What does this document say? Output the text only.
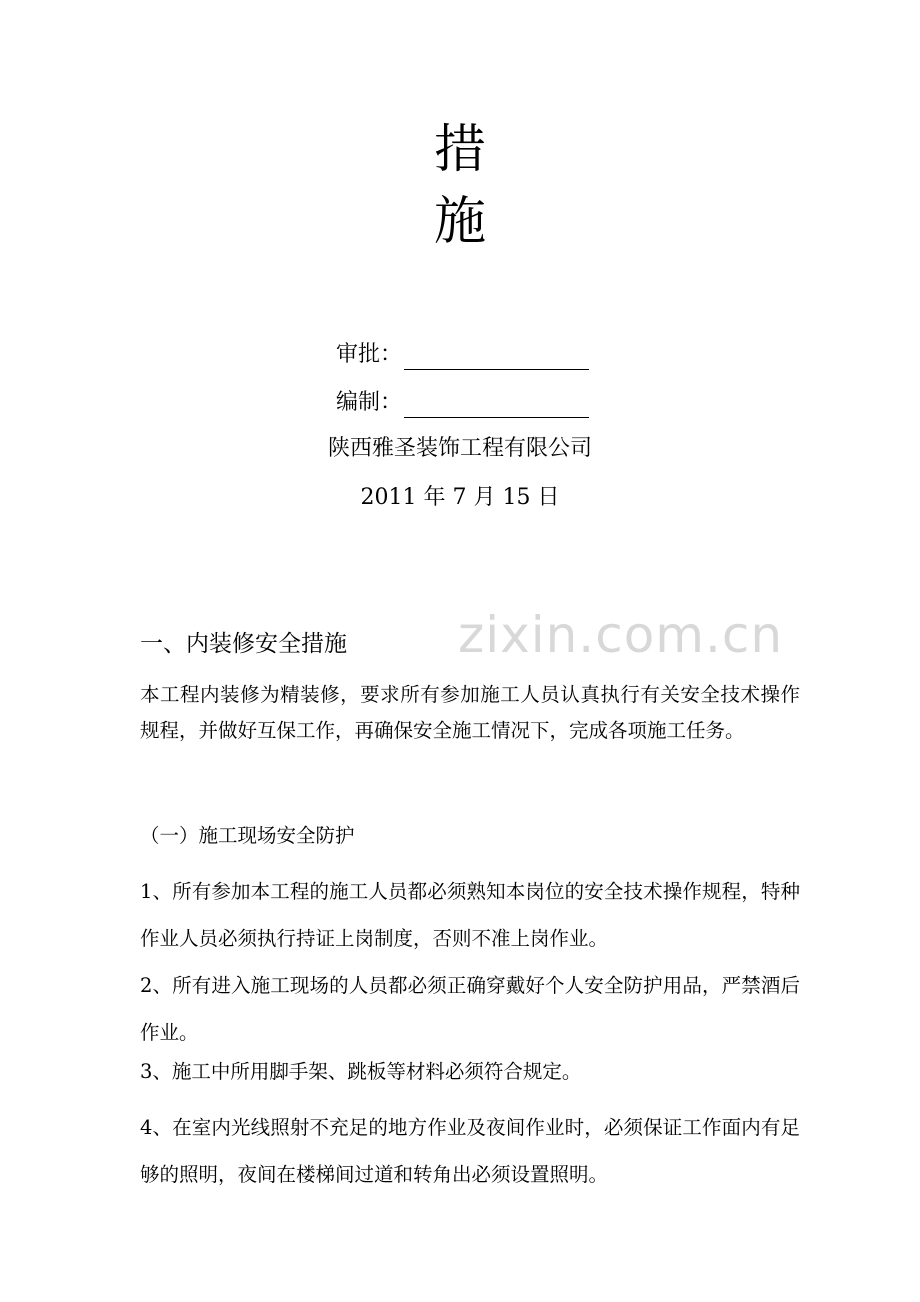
措
施
审批：
编制：
陕西雅圣装饰工程有限公司
2011 年 7 月 15 日
zixin.com.cn
一、内装修安全措施
本工程内装修为精装修，要求所有参加施工人员认真执行有关安全技术操作规程，并做好互保工作，再确保安全施工情况下，完成各项施工任务。
（一）施工现场安全防护
1、所有参加本工程的施工人员都必须熟知本岗位的安全技术操作规程，特种作业人员必须执行持证上岗制度，否则不准上岗作业。
2、所有进入施工现场的人员都必须正确穿戴好个人安全防护用品，严禁酒后作业。
3、施工中所用脚手架、跳板等材料必须符合规定。
4、在室内光线照射不充足的地方作业及夜间作业时，必须保证工作面内有足够的照明，夜间在楼梯间过道和转角出必须设置照明。
